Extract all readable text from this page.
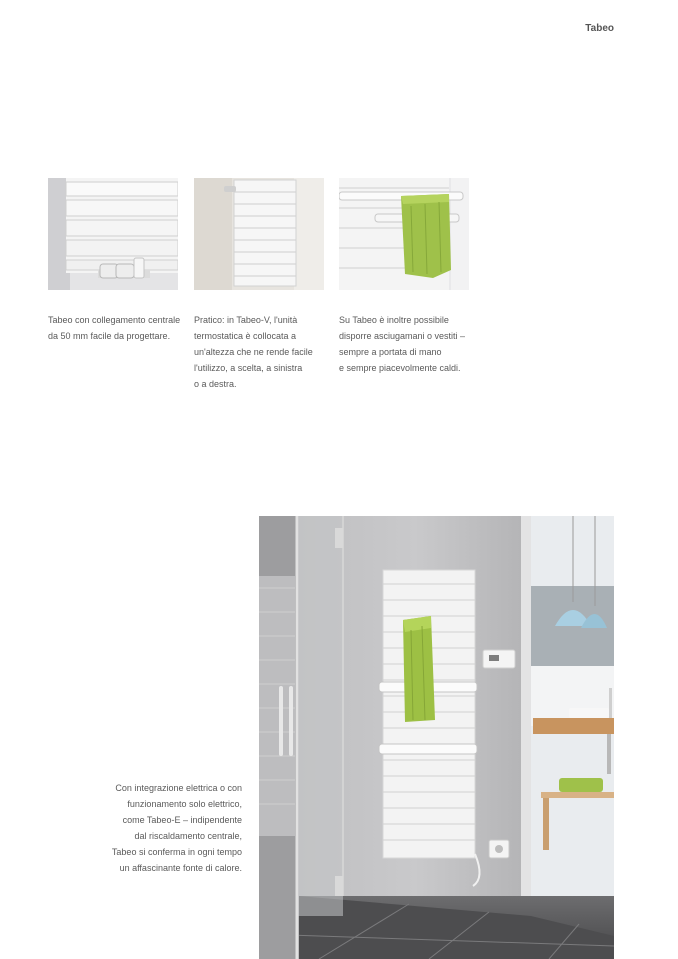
Tabeo
Tabeo con collegamento centrale
da 50 mm facile da progettare.
Pratico: in Tabeo-V, l'unità
termostatica è collocata a
un'altezza che ne rende facile
l'utilizzo, a scelta, a sinistra
o a destra.
Su Tabeo è inoltre possibile
disporre asciugamani o vestiti –
sempre a portata di mano
e sempre piacevolmente caldi.
Con integrazione elettrica o con
funzionamento solo elettrico,
come Tabeo-E – indipendente
dal riscaldamento centrale,
Tabeo si conferma in ogni tempo
un affascinante fonte di calore.
